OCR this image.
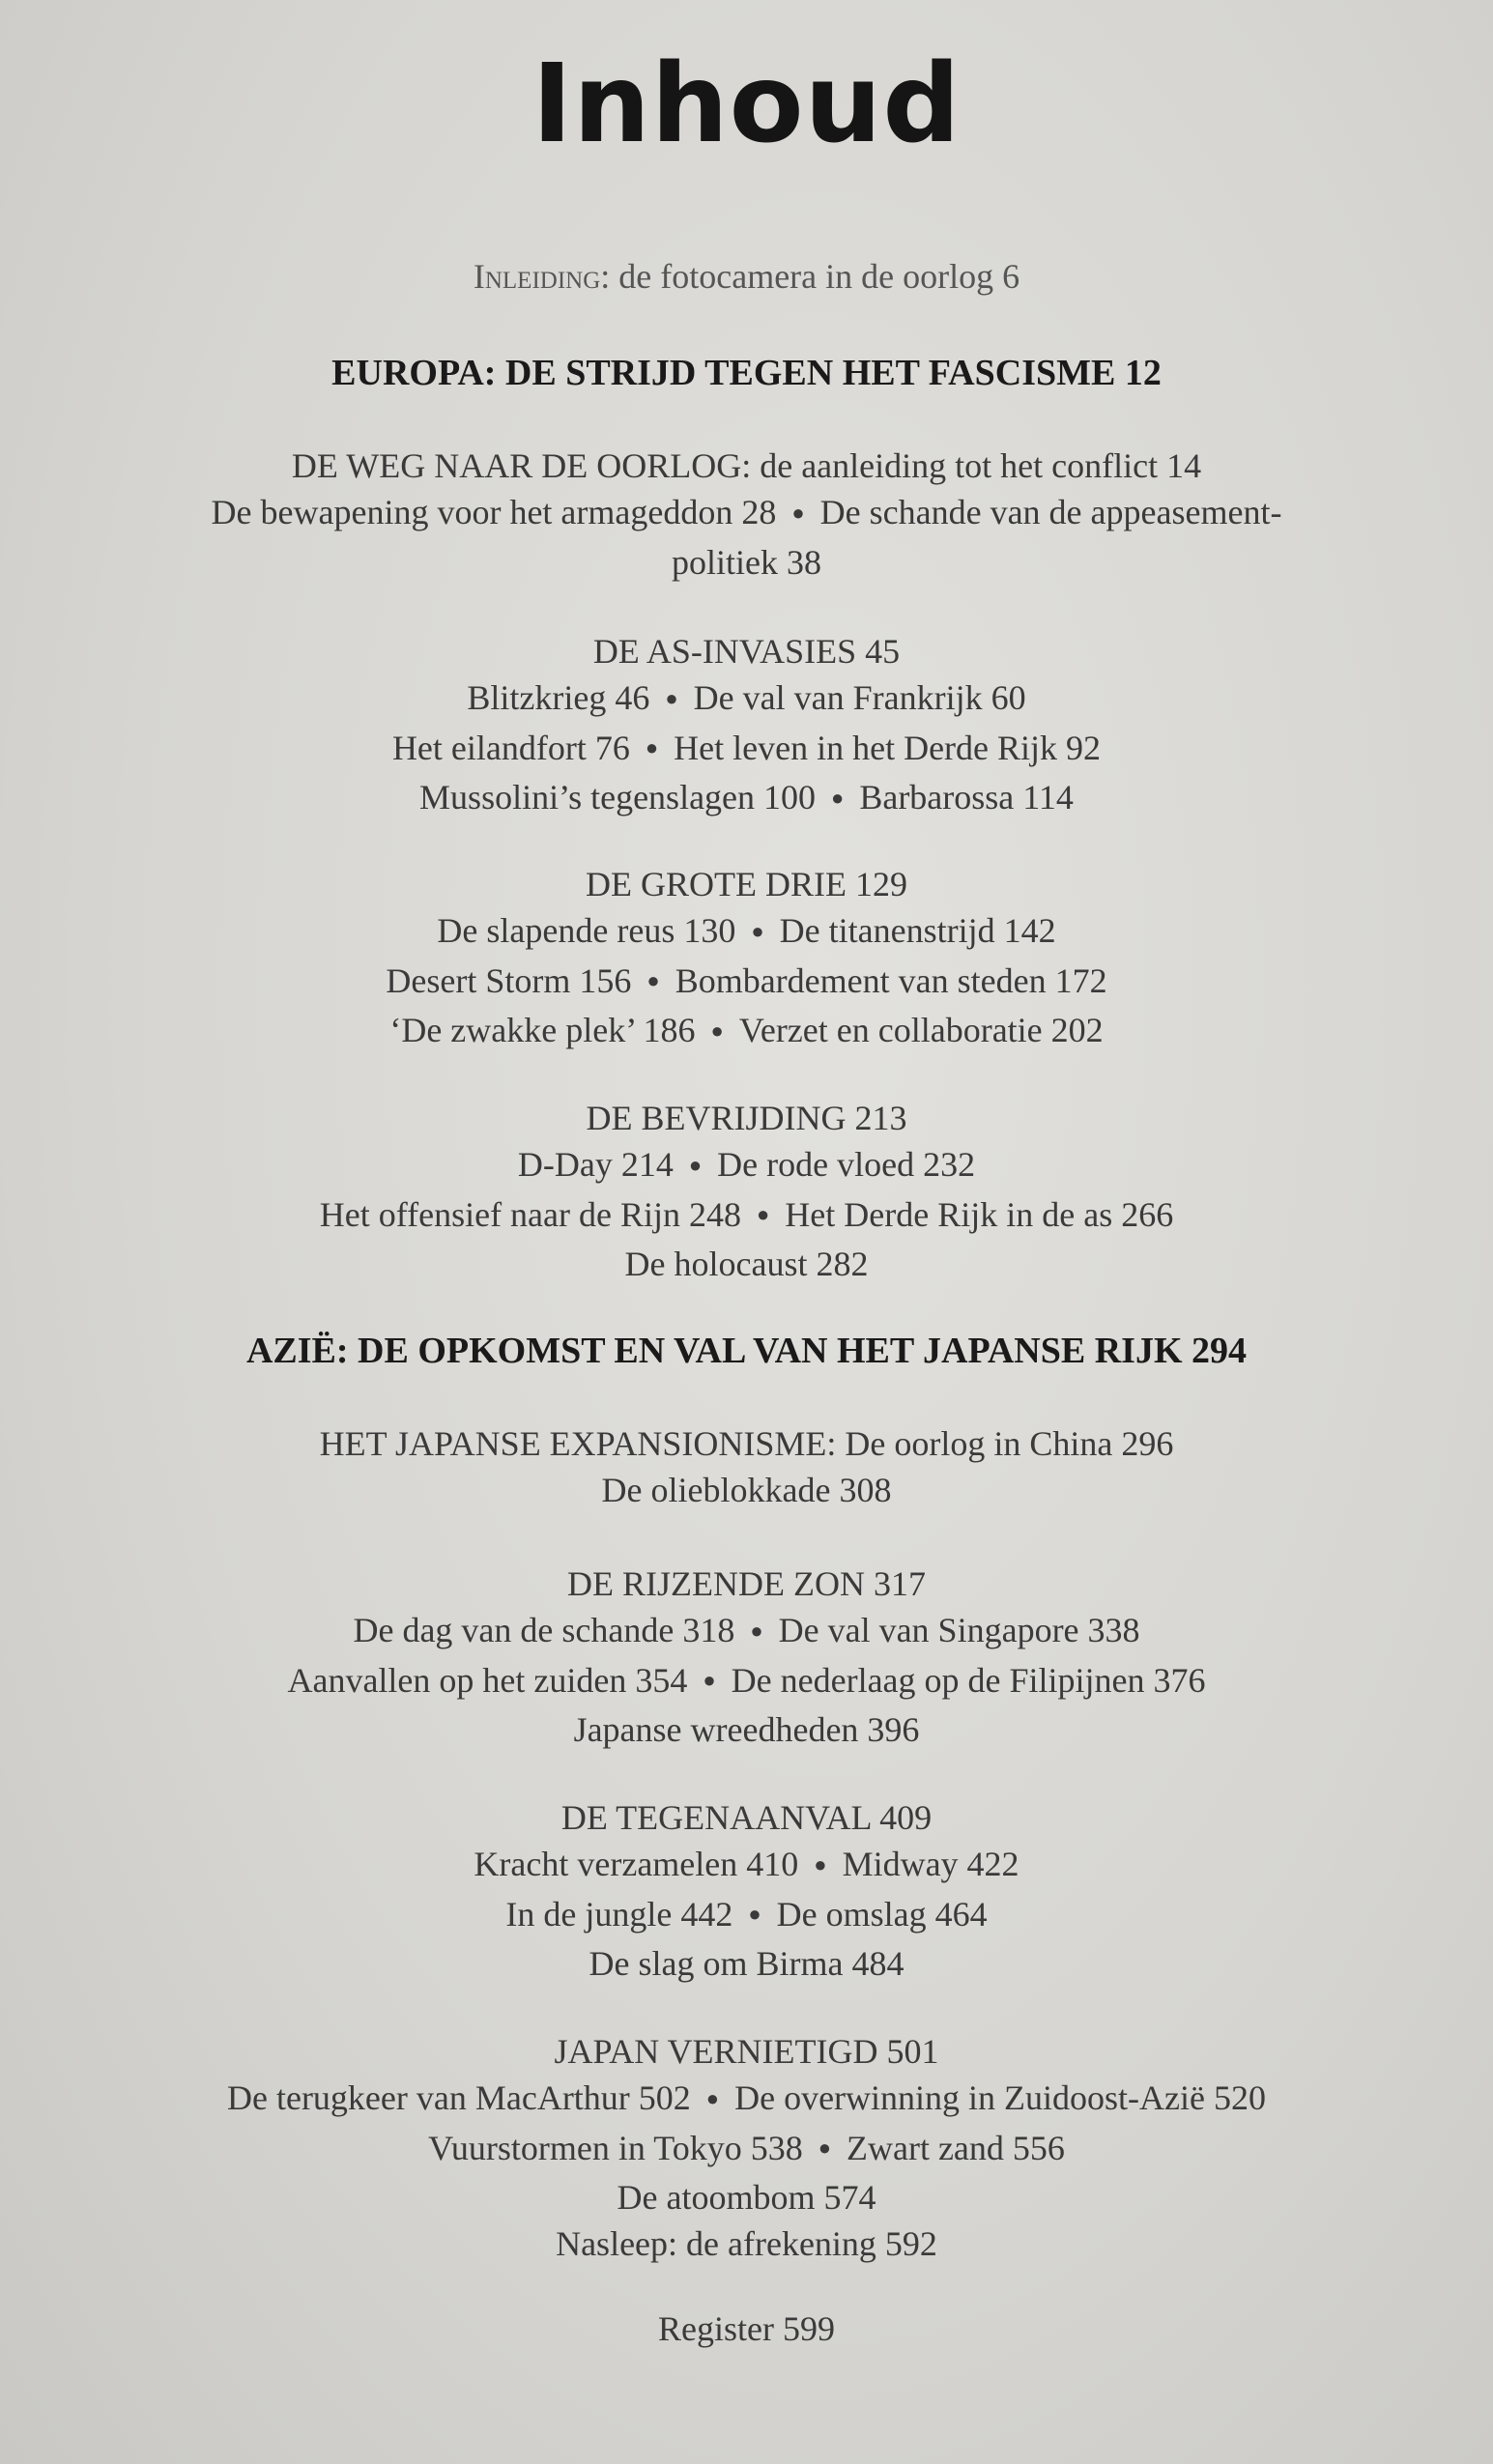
Inhoud
Inleiding: de fotocamera in de oorlog 6
EUROPA: DE STRIJD TEGEN HET FASCISME 12
DE WEG NAAR DE OORLOG: de aanleiding tot het conflict 14
De bewapening voor het armageddon 28 ● De schande van de appeasement-
politiek 38
DE AS-INVASIES 45
Blitzkrieg 46 ● De val van Frankrijk 60
Het eilandfort 76 ● Het leven in het Derde Rijk 92
Mussolini’s tegenslagen 100 ● Barbarossa 114
DE GROTE DRIE 129
De slapende reus 130 ● De titanenstrijd 142
Desert Storm 156 ● Bombardement van steden 172
‘De zwakke plek’ 186 ● Verzet en collaboratie 202
DE BEVRIJDING 213
D-Day 214 ● De rode vloed 232
Het offensief naar de Rijn 248 ● Het Derde Rijk in de as 266
De holocaust 282
AZIË: DE OPKOMST EN VAL VAN HET JAPANSE RIJK 294
HET JAPANSE EXPANSIONISME: De oorlog in China 296
De olieblokkade 308
DE RIJZENDE ZON 317
De dag van de schande 318 ● De val van Singapore 338
Aanvallen op het zuiden 354 ● De nederlaag op de Filipijnen 376
Japanse wreedheden 396
DE TEGENAANVAL 409
Kracht verzamelen 410 ● Midway 422
In de jungle 442 ● De omslag 464
De slag om Birma 484
JAPAN VERNIETIGD 501
De terugkeer van MacArthur 502 ● De overwinning in Zuidoost-Azië 520
Vuurstormen in Tokyo 538 ● Zwart zand 556
De atoombom 574
Nasleep: de afrekening 592
Register 599
